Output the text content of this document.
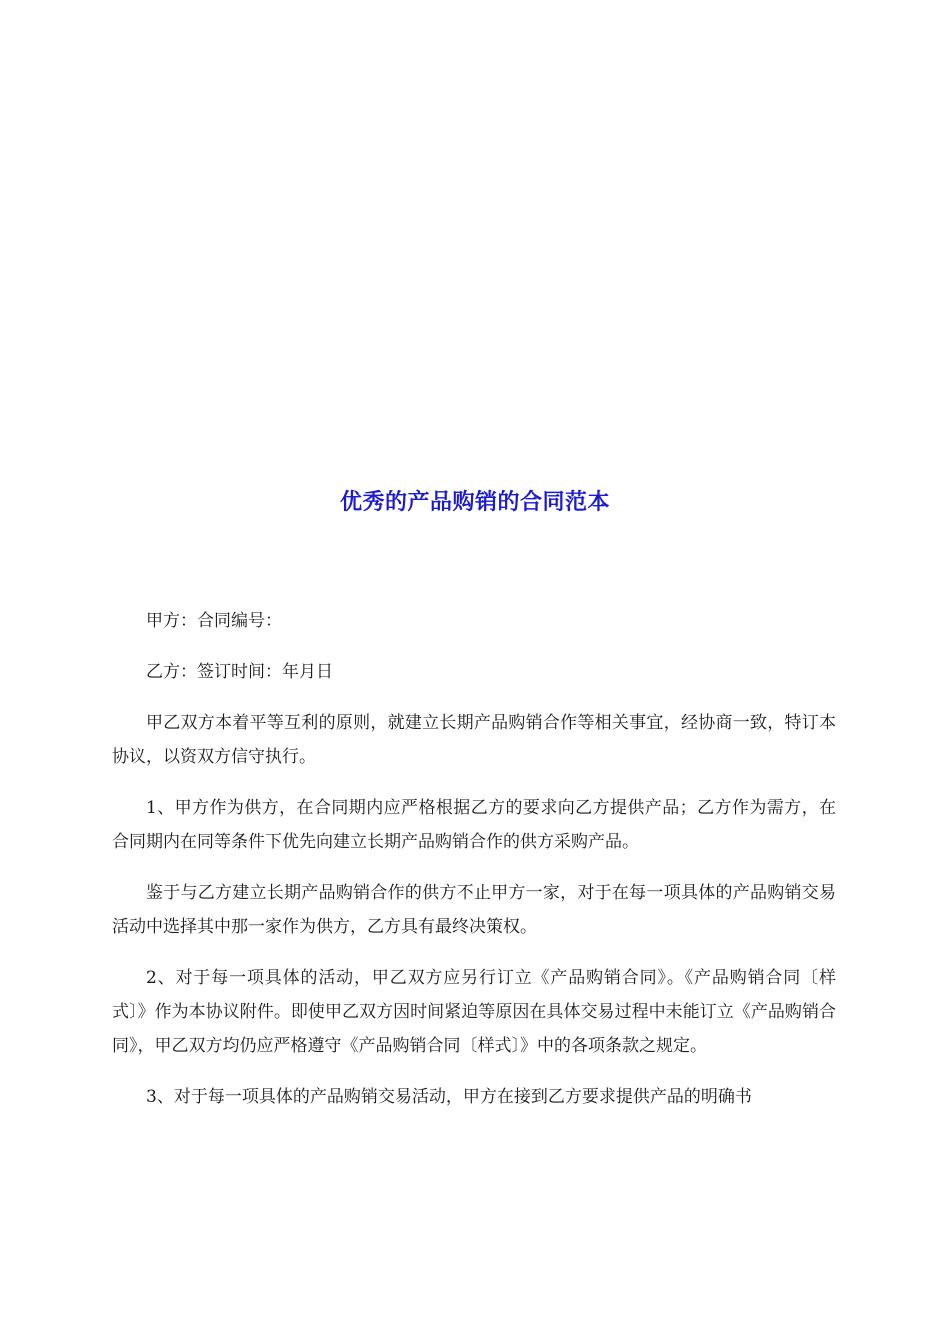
优秀的产品购销的合同范本

甲方：合同编号：

乙方：签订时间：年月日

甲乙双方本着平等互利的原则，就建立长期产品购销合作等相关事宜，经协商一致，特订本协议，以资双方信守执行。

1、甲方作为供方，在合同期内应严格根据乙方的要求向乙方提供产品；乙方作为需方，在合同期内在同等条件下优先向建立长期产品购销合作的供方采购产品。

鉴于与乙方建立长期产品购销合作的供方不止甲方一家，对于在每一项具体的产品购销交易活动中选择其中那一家作为供方，乙方具有最终决策权。

2、对于每一项具体的活动，甲乙双方应另行订立《产品购销合同》。《产品购销合同〔样式〕》作为本协议附件。即使甲乙双方因时间紧迫等原因在具体交易过程中未能订立《产品购销合同》，甲乙双方均仍应严格遵守《产品购销合同〔样式〕》中的各项条款之规定。

3、对于每一项具体的产品购销交易活动，甲方在接到乙方要求提供产品的明确书
